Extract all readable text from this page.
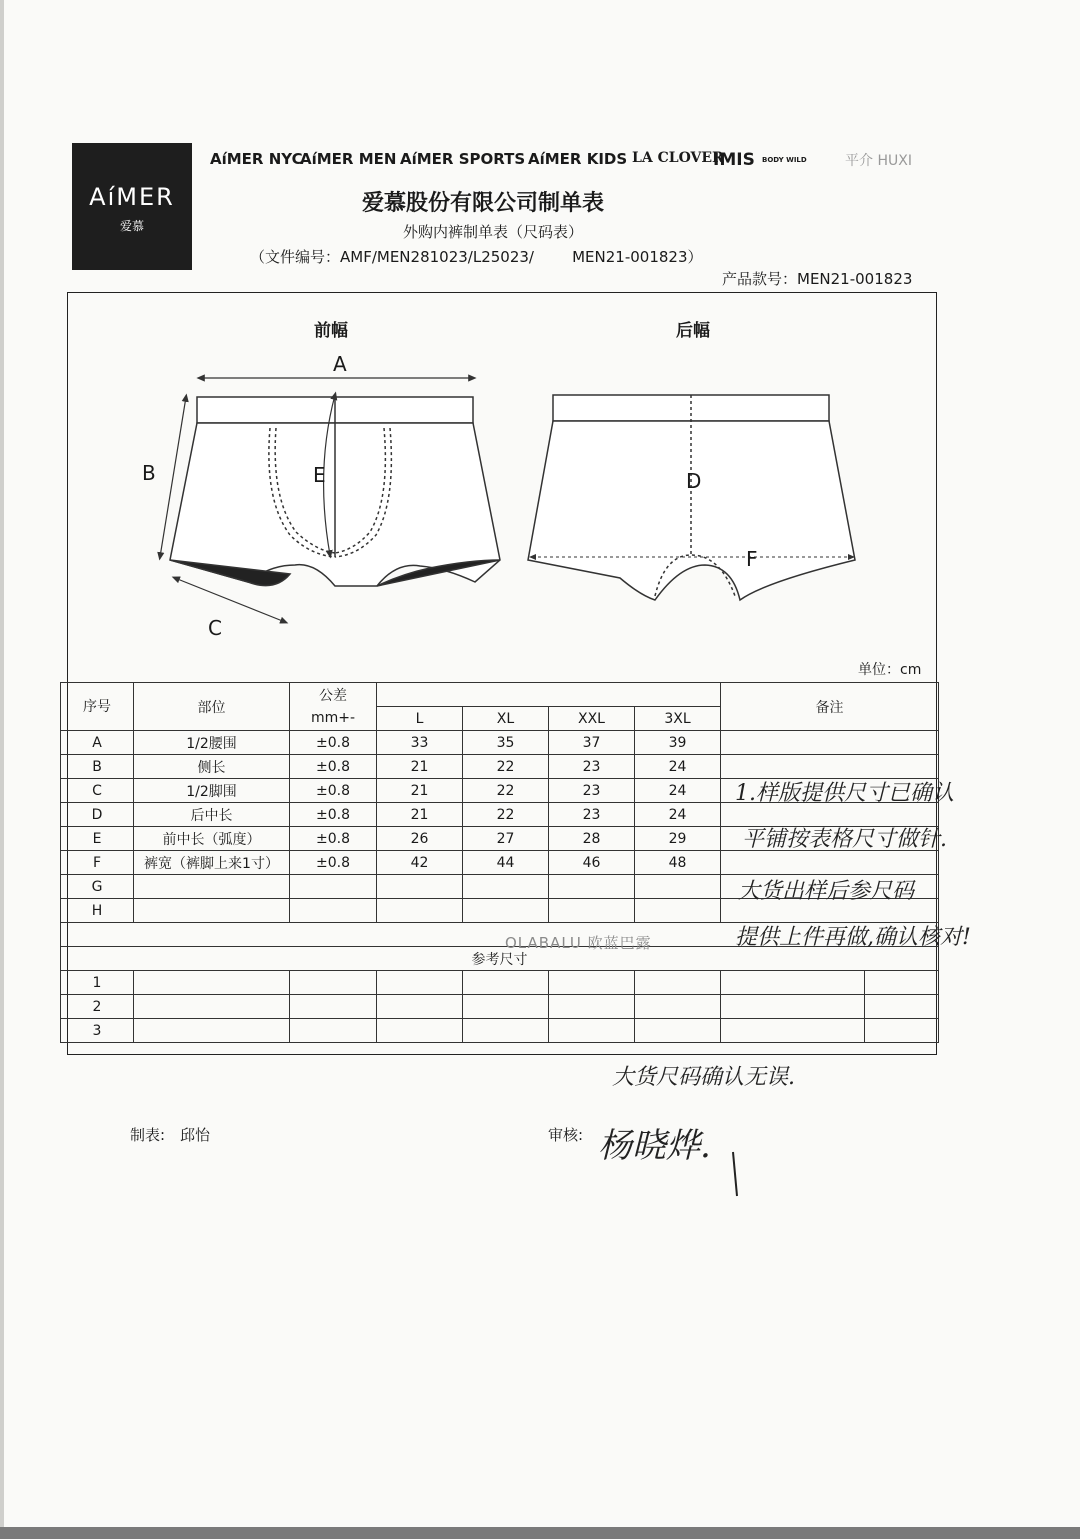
AíMER
爱慕
AíMER NYC
AíMER MEN AíMER SPORTS AíMER KIDS LA CLOVER
IMIS BODY WILD	平介 HUXI
爱慕股份有限公司制单表
外购内裤制单表（尺码表）
（文件编号：AMF/MEN281023/L25023/        MEN21-001823）
产品款号：MEN21-001823
前幅	后幅
A
B
C
D
E
F
单位：cm
序号	部位	公差					备注	
		mm+-	L	XL	XXL	3XL		
A	1/2腰围	±0.8	33	35	37	39		
B	侧长	±0.8	21	22	23	24		
C	1/2脚围	±0.8	21	22	23	24		
D	后中长	±0.8	21	22	23	24		
E	前中长（弧度）	±0.8	26	27	28	29		
F	裤宽（裤脚上来1寸）	±0.8	42	44	46	48		
G								
H								

参考尺寸								
1								
2								
3								
OLABALU 欧蓝巴露
1.样版提供尺寸已确认
平铺按表格尺寸做针.
大货出样后参尺码
提供上件再做,确认核对!
大货尺码确认无误.
杨晓烨.
制表: 邱怡	审核:
